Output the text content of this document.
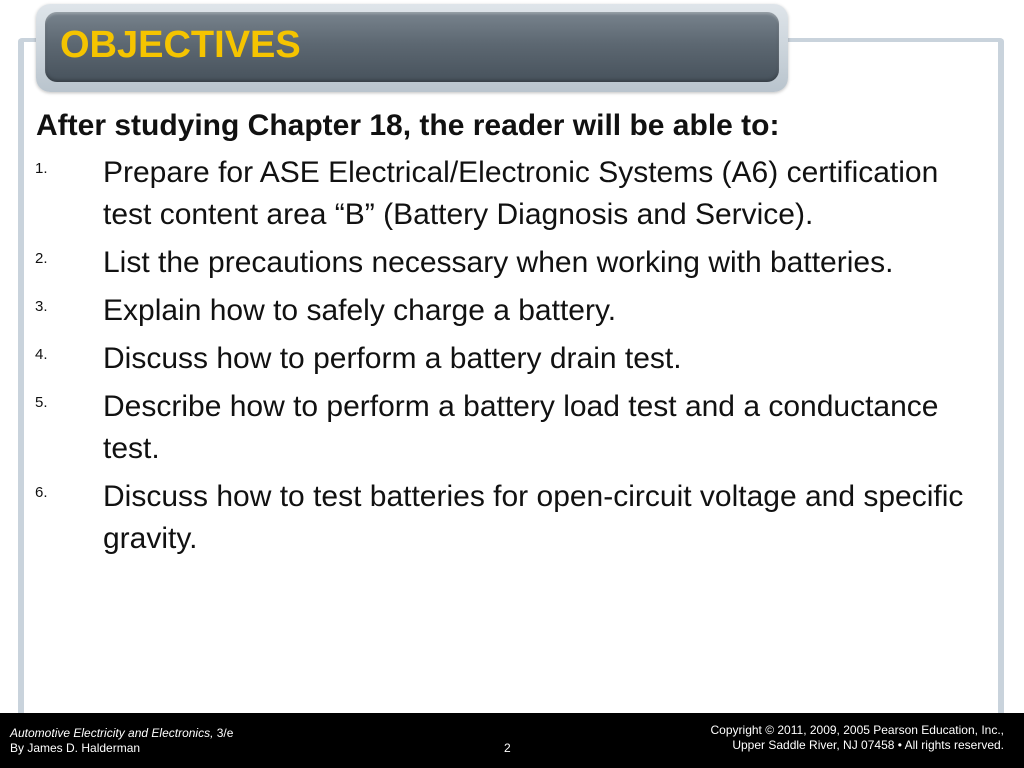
OBJECTIVES

After studying Chapter 18, the reader will be able to:

1. Prepare for ASE Electrical/Electronic Systems (A6) certification test content area “B” (Battery Diagnosis and Service).
2. List the precautions necessary when working with batteries.
3. Explain how to safely charge a battery.
4. Discuss how to perform a battery drain test.
5. Describe how to perform a battery load test and a conductance test.
6. Discuss how to test batteries for open-circuit voltage and specific gravity.
Automotive Electricity and Electronics, 3/e
By James D. Halderman	2
Copyright © 2011, 2009, 2005 Pearson Education, Inc.,
Upper Saddle River, NJ 07458 • All rights reserved.
